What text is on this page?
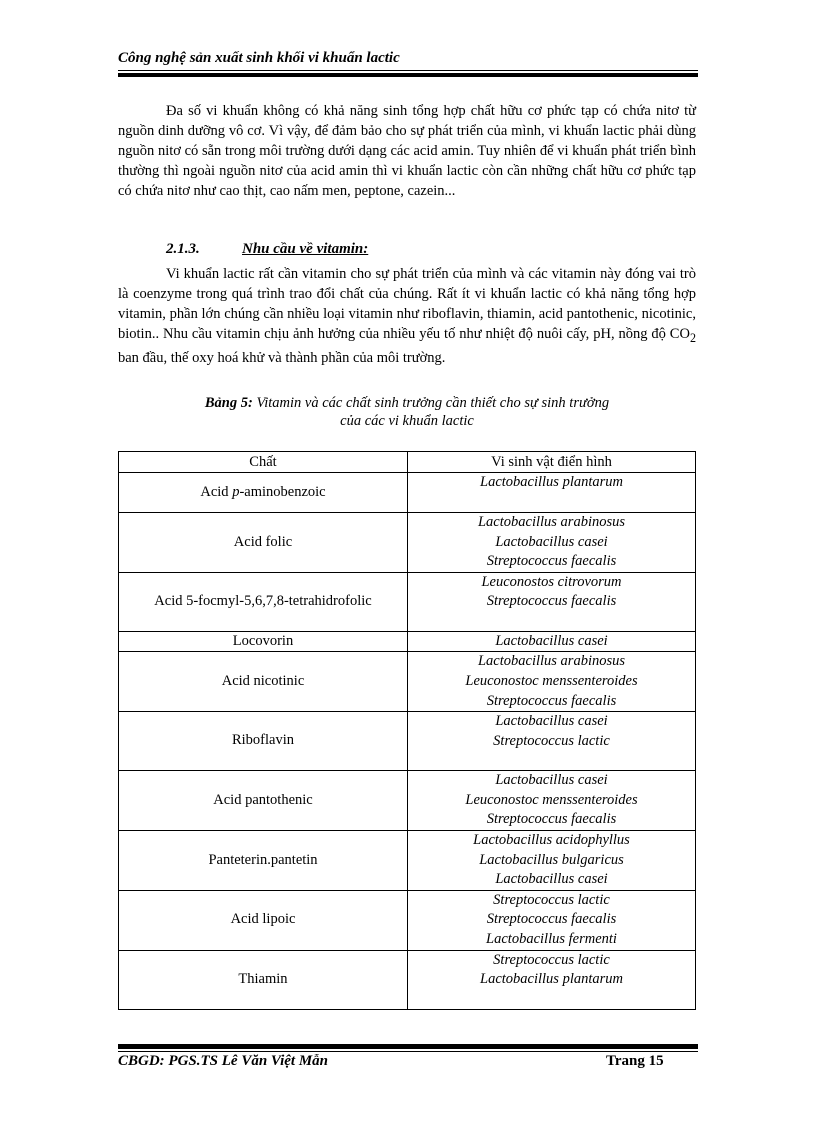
Công nghệ sản xuất sinh khối vi khuẩn lactic

Đa số vi khuẩn không có khả năng sinh tổng hợp chất hữu cơ phức tạp có chứa nitơ từ nguồn dinh dưỡng vô cơ. Vì vậy, để đảm bảo cho sự phát triển của mình, vi khuẩn lactic phải dùng nguồn nitơ có sẵn trong môi trường dưới dạng các acid amin. Tuy nhiên để vi khuẩn phát triển bình thường thì ngoài nguồn nitơ của acid amin thì vi khuẩn lactic còn cần những chất hữu cơ phức tạp có chứa nitơ như cao thịt, cao nấm men, peptone, cazein...

2.1.3.	Nhu cầu về vitamin:

Vi khuẩn lactic rất cần vitamin cho sự phát triển của mình và các vitamin này đóng vai trò là coenzyme trong quá trình trao đổi chất của chúng. Rất ít vi khuẩn lactic có khả năng tổng hợp vitamin, phần lớn chúng cần nhiều loại vitamin như riboflavin, thiamin, acid pantothenic, nicotinic, biotin.. Nhu cầu vitamin chịu ảnh hưởng của nhiều yếu tố như nhiệt độ nuôi cấy, pH, nồng độ $CO_2$ ban đầu, thế oxy hoá khử và thành phần của môi trường.

Bảng 5: Vitamin và các chất sinh trưởng cần thiết cho sự sinh trưởng
của các vi khuẩn lactic
Chất	Vi sinh vật điển hình
Acid p-aminobenzoic	Lactobacillus plantarum

Acid folic	Lactobacillus arabinosus
Lactobacillus casei
Streptococcus faecalis

Acid 5-focmyl-5,6,7,8-tetrahidrofolic	Leuconostos citrovorum
Streptococcus faecalis

Locovorin	Lactobacillus casei

Acid nicotinic	Lactobacillus arabinosus
Leuconostoc menssenteroides
Streptococcus faecalis

Riboflavin	Lactobacillus casei
Streptococcus lactic

Acid pantothenic	Lactobacillus casei
Leuconostoc menssenteroides
Streptococcus faecalis

Panteterin.pantetin	Lactobacillus acidophyllus
Lactobacillus bulgaricus
Lactobacillus casei

Acid lipoic	Streptococcus lactic
Streptococcus faecalis
Lactobacillus fermenti

Thiamin	Streptococcus lactic
Lactobacillus plantarum
CBGD: PGS.TS Lê Văn Việt Mẫn	Trang 15
